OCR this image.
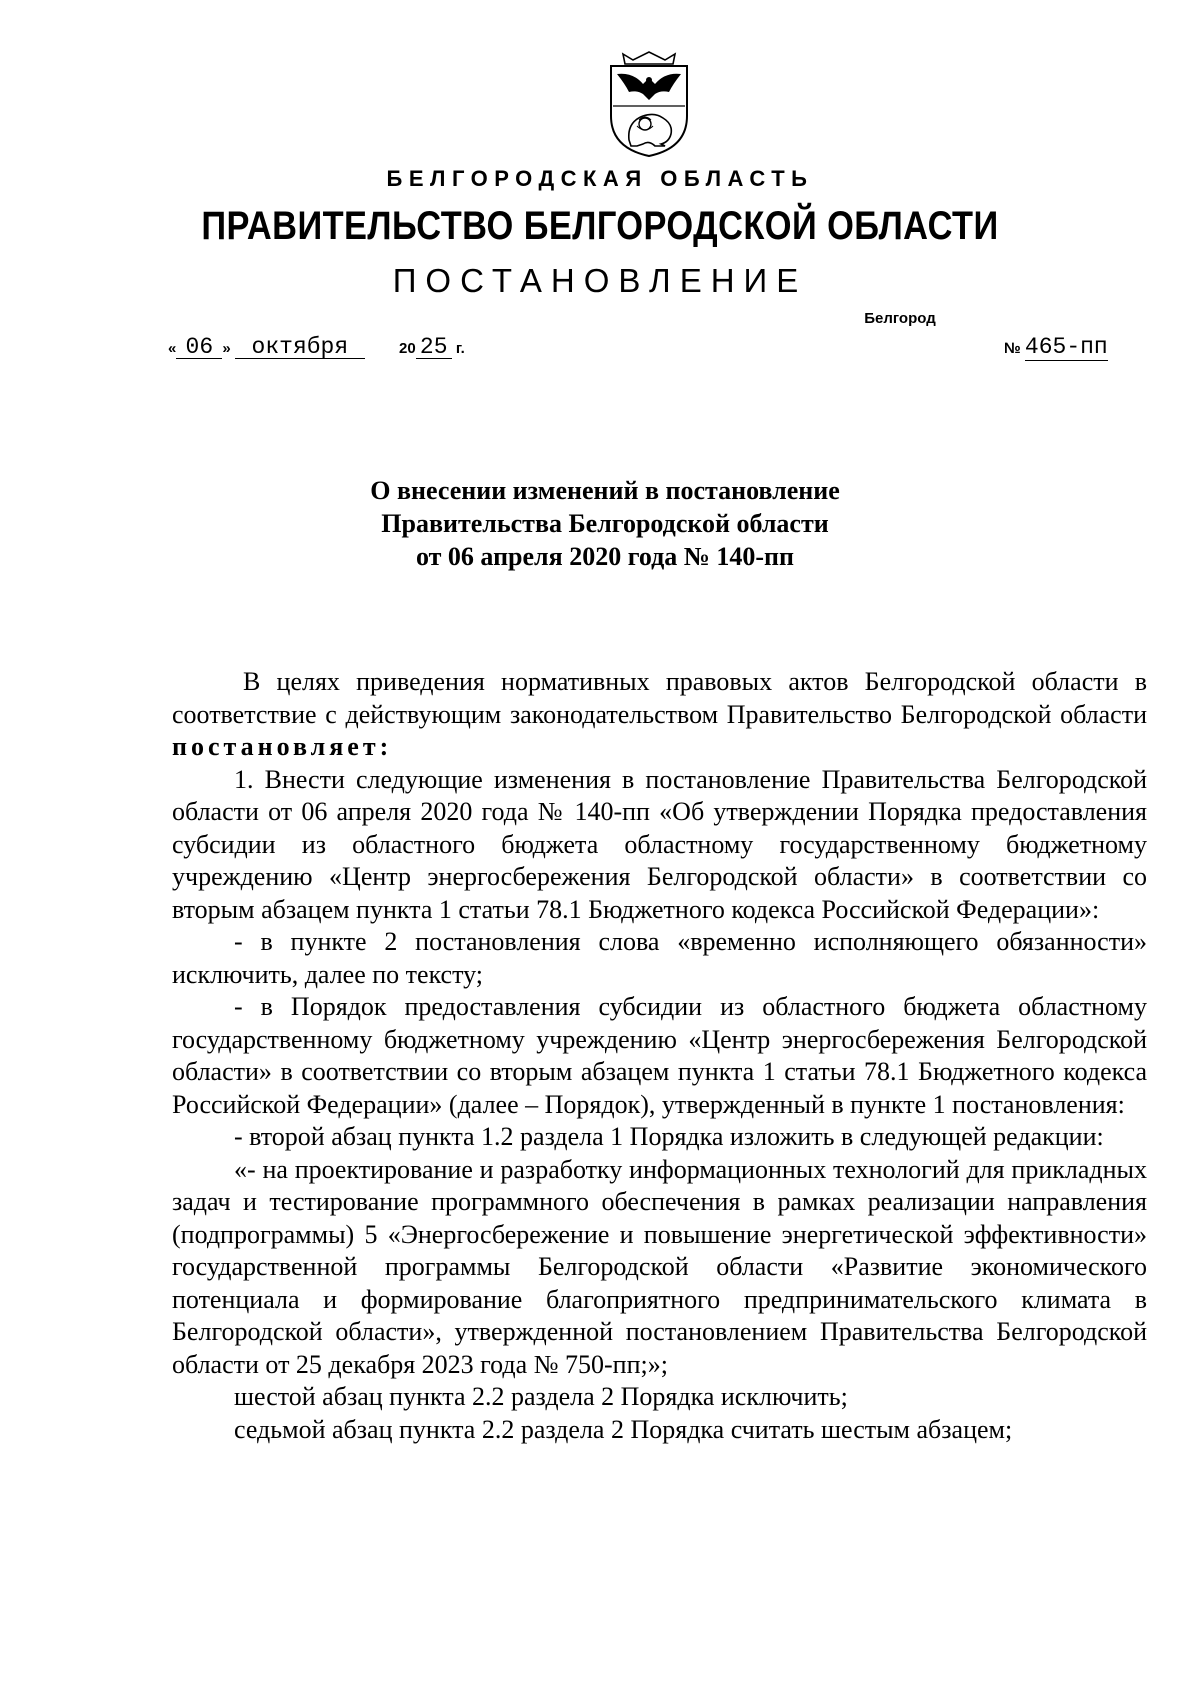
БЕЛГОРОДСКАЯ ОБЛАСТЬ
ПРАВИТЕЛЬСТВО БЕЛГОРОДСКОЙ ОБЛАСТИ
ПОСТАНОВЛЕНИЕ
Белгород
« 06 » октября	20 25 г.	№ 465-пп
О внесении изменений в постановление
Правительства Белгородской области
от 06 апреля 2020 года № 140-пп

В целях приведения нормативных правовых актов Белгородской области в соответствие с действующим законодательством Правительство Белгородской области постановляет:

1. Внести следующие изменения в постановление Правительства Белгородской области от 06 апреля 2020 года № 140-пп «Об утверждении Порядка предоставления субсидии из областного бюджета областному государственному бюджетному учреждению «Центр энергосбережения Белгородской области» в соответствии со вторым абзацем пункта 1 статьи 78.1 Бюджетного кодекса Российской Федерации»:

- в пункте 2 постановления слова «временно исполняющего обязанности» исключить, далее по тексту;

- в Порядок предоставления субсидии из областного бюджета областному государственному бюджетному учреждению «Центр энергосбережения Белгородской области» в соответствии со вторым абзацем пункта 1 статьи 78.1 Бюджетного кодекса Российской Федерации» (далее – Порядок), утвержденный в пункте 1 постановления:

- второй абзац пункта 1.2 раздела 1 Порядка изложить в следующей редакции:

«- на проектирование и разработку информационных технологий для прикладных задач и тестирование программного обеспечения в рамках реализации направления (подпрограммы) 5 «Энергосбережение и повышение энергетической эффективности» государственной программы Белгородской области «Развитие экономического потенциала и формирование благоприятного предпринимательского климата в Белгородской области», утвержденной постановлением Правительства Белгородской области от 25 декабря 2023 года № 750-пп;»;

шестой абзац пункта 2.2 раздела 2 Порядка исключить;

седьмой абзац пункта 2.2 раздела 2 Порядка считать шестым абзацем;
